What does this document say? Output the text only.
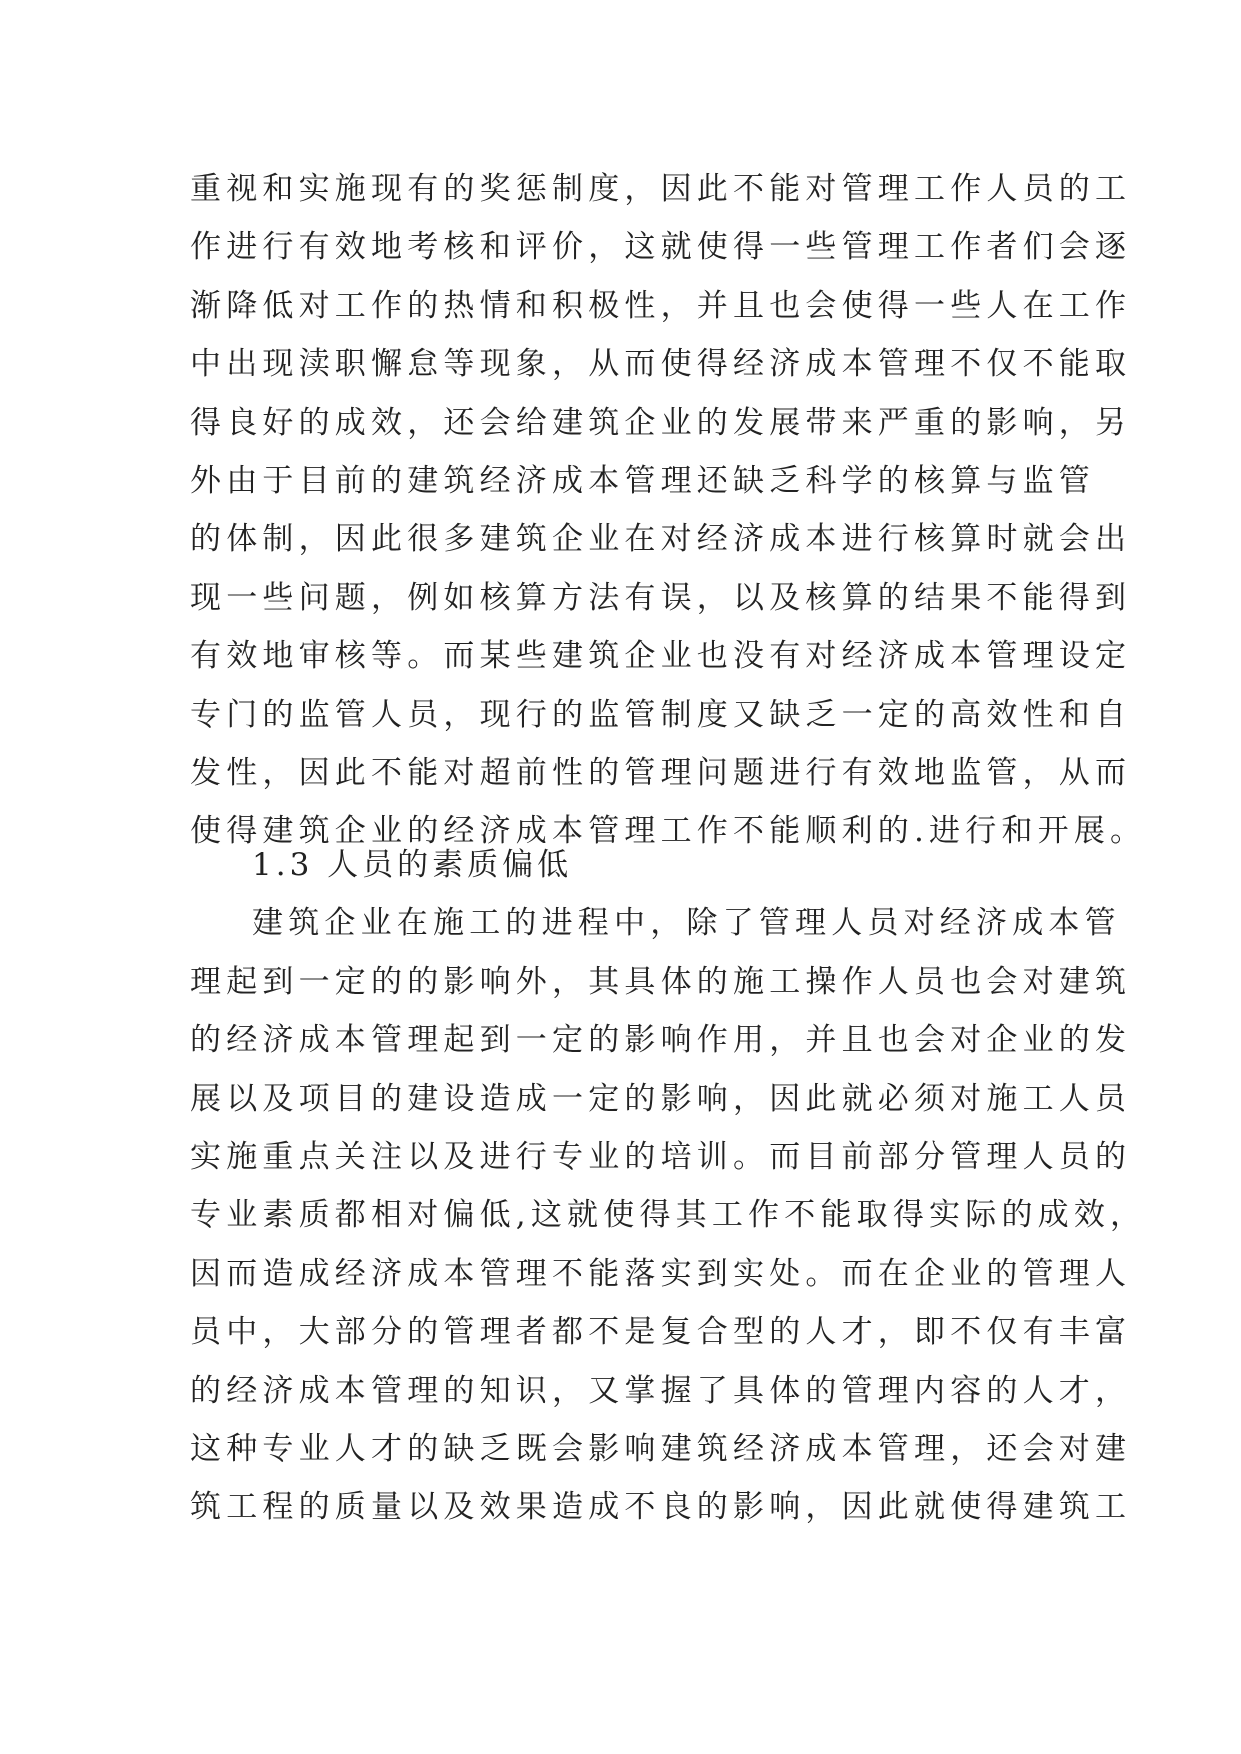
重视和实施现有的奖惩制度，因此不能对管理工作人员的工
作进行有效地考核和评价，这就使得一些管理工作者们会逐
渐降低对工作的热情和积极性，并且也会使得一些人在工作
中出现渎职懈怠等现象，从而使得经济成本管理不仅不能取
得良好的成效，还会给建筑企业的发展带来严重的影响，另
外由于目前的建筑经济成本管理还缺乏科学的核算与监管
的体制，因此很多建筑企业在对经济成本进行核算时就会出
现一些问题，例如核算方法有误，以及核算的结果不能得到
有效地审核等。而某些建筑企业也没有对经济成本管理设定
专门的监管人员，现行的监管制度又缺乏一定的高效性和自
发性，因此不能对超前性的管理问题进行有效地监管，从而
使得建筑企业的经济成本管理工作不能顺利的.进行和开展。
1.3 人员的素质偏低
建筑企业在施工的进程中，除了管理人员对经济成本管
理起到一定的的影响外，其具体的施工操作人员也会对建筑
的经济成本管理起到一定的影响作用，并且也会对企业的发
展以及项目的建设造成一定的影响，因此就必须对施工人员
实施重点关注以及进行专业的培训。而目前部分管理人员的
专业素质都相对偏低,这就使得其工作不能取得实际的成效，
因而造成经济成本管理不能落实到实处。而在企业的管理人
员中，大部分的管理者都不是复合型的人才，即不仅有丰富
的经济成本管理的知识，又掌握了具体的管理内容的人才，
这种专业人才的缺乏既会影响建筑经济成本管理，还会对建
筑工程的质量以及效果造成不良的影响，因此就使得建筑工
